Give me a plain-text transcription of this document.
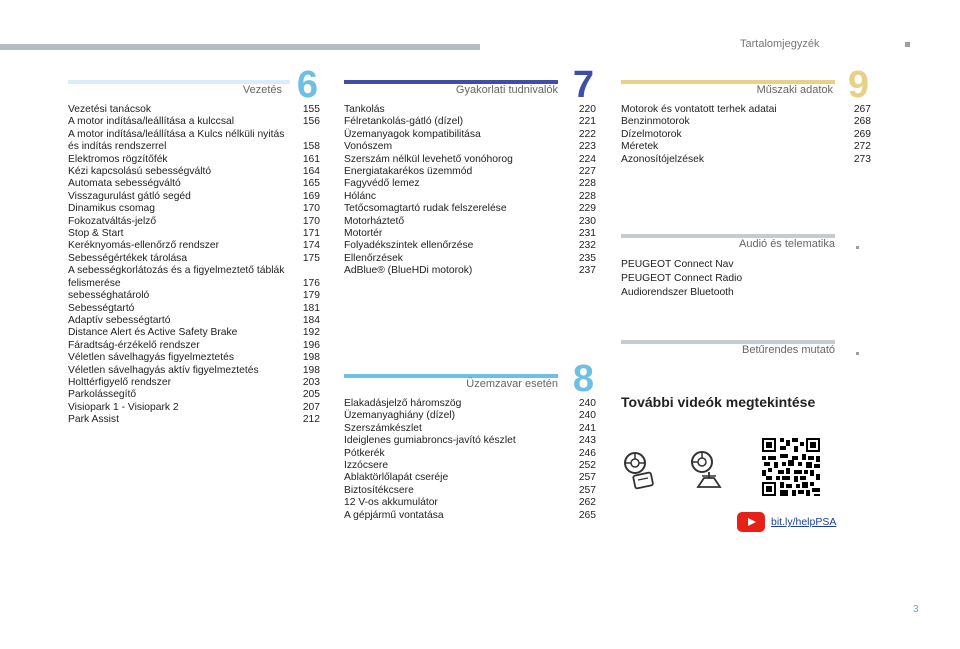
Tartalomjegyzék
Vezetés 6
Vezetési tanácsok	155
A motor indítása/leállítása a kulccsal	156
A motor indítása/leállítása a Kulcs nélküli nyitás és indítás rendszerrel	158
Elektromos rögzítőfék	161
Kézi kapcsolású sebességváltó	164
Automata sebességváltó	165
Visszagurulást gátló segéd	169
Dinamikus csomag	170
Fokozatváltás-jelző	170
Stop & Start	171
Keréknyomás-ellenőrző rendszer	174
Sebességértékek tárolása	175
A sebességkorlátozás és a figyelmeztető táblák felismerése	176
sebességhatároló	179
Sebességtartó	181
Adaptív sebességtartó	184
Distance Alert és Active Safety Brake	192
Fáradtság-érzékelő rendszer	196
Véletlen sávelhagyás figyelmeztetés	198
Véletlen sávelhagyás aktív figyelmeztetés	198
Holttérfigyelő rendszer	203
Parkolássegítő	205
Visiopark 1 - Visiopark 2	207
Park Assist	212
Gyakorlati tudnivalók 7
Tankolás	220
Félretankolás-gátló (dízel)	221
Üzemanyagok kompatibilitása	222
Vonószem	223
Szerszám nélkül levehető vonóhorog	224
Energiatakarékos üzemmód	227
Fagyvédő lemez	228
Hólánc	228
Tetőcsomagtartó rudak felszerelése	229
Motorháztető	230
Motortér	231
Folyadékszintek ellenőrzése	232
Ellenőrzések	235
AdBlue® (BlueHDi motorok)	237
Üzemzavar esetén 8
Elakadásjelző háromszög	240
Üzemanyaghiány (dízel)	240
Szerszámkészlet	241
Ideiglenes gumiabroncs-javító készlet	243
Pótkerék	246
Izzócsere	252
Ablaktörlőlapát cseréje	257
Biztosítékcsere	257
12 V-os akkumulátor	262
A gépjármű vontatása	265
Műszaki adatok 9
Motorok és vontatott terhek adatai	267
Benzinmotorok	268
Dízelmotorok	269
Méretek	272
Azonosítójelzések	273
Audió és telematika
PEUGEOT Connect Nav
PEUGEOT Connect Radio
Audiorendszer Bluetooth
Betűrendes mutató
További videók megtekintése
bit.ly/helpPSA
3
